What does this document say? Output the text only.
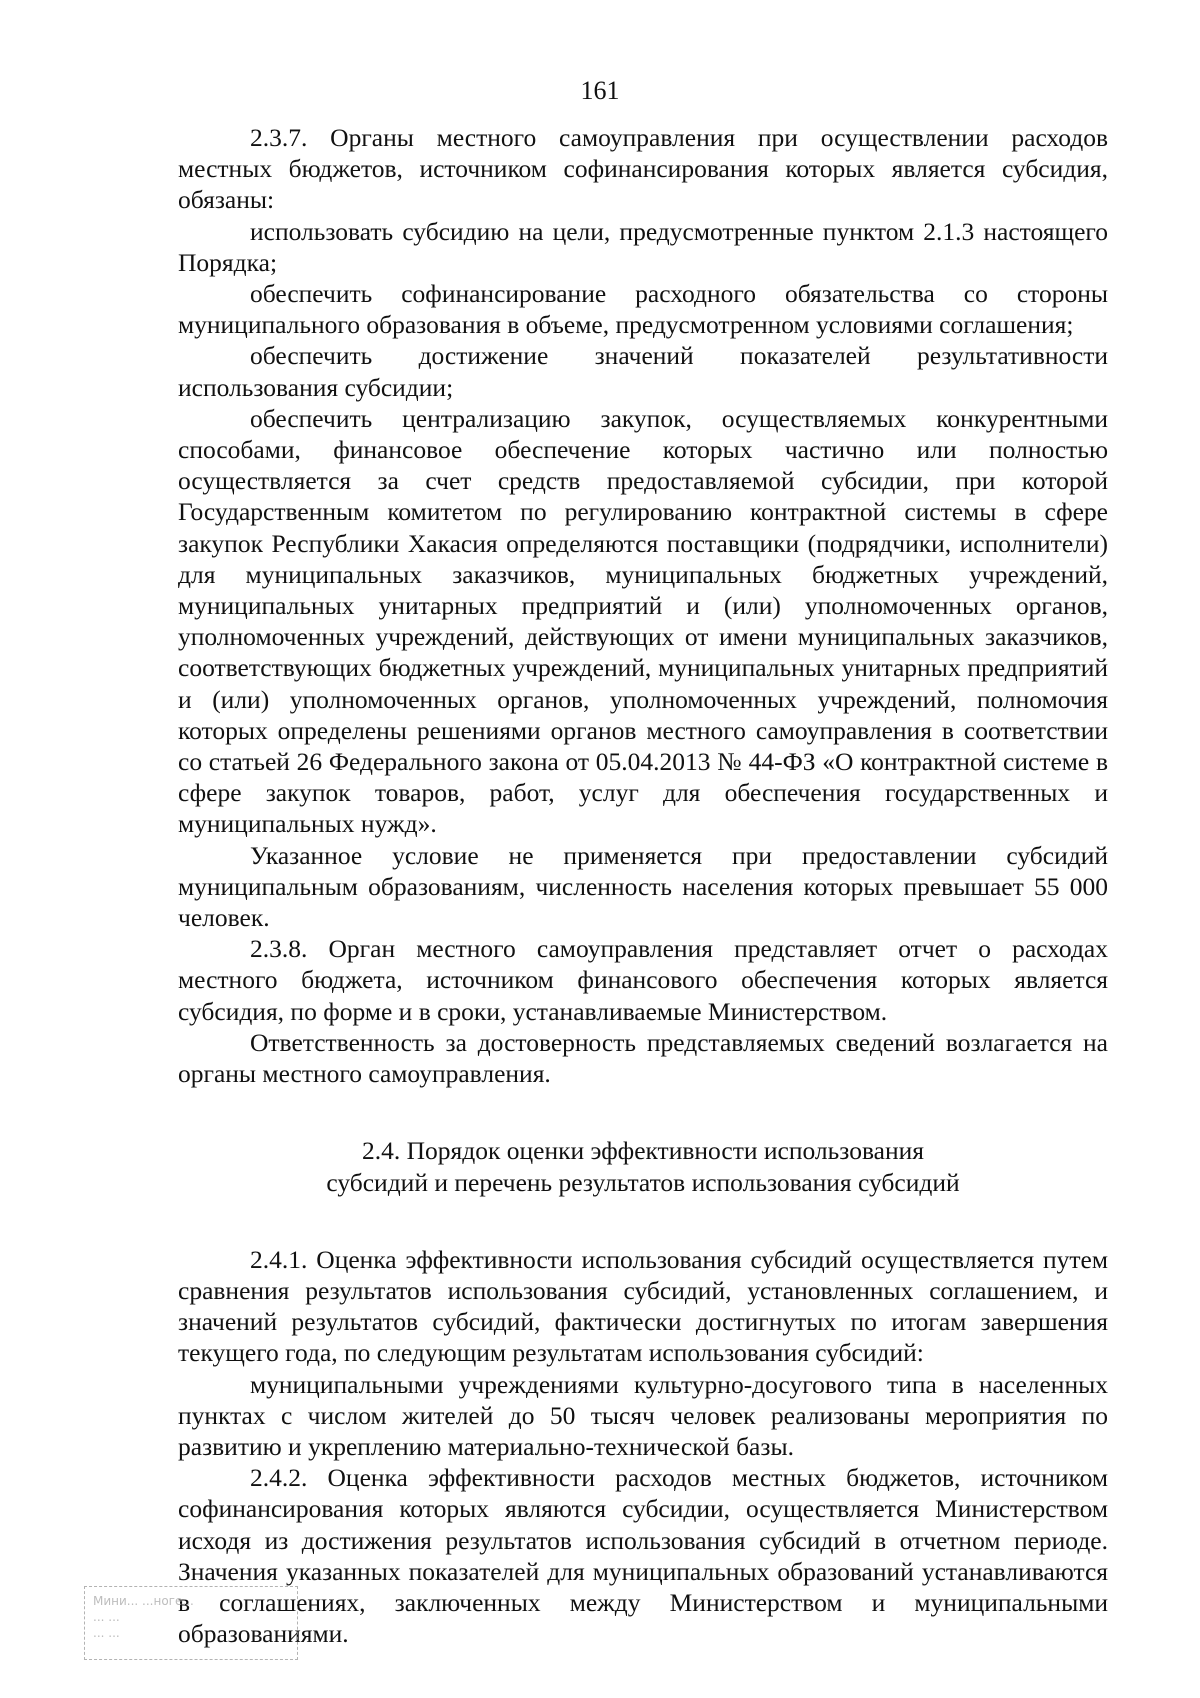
161

2.3.7. Органы местного самоуправления при осуществлении расходов местных бюджетов, источником софинансирования которых является субсидия, обязаны:

использовать субсидию на цели, предусмотренные пунктом 2.1.3 настоящего Порядка;

обеспечить софинансирование расходного обязательства со стороны муниципального образования в объеме, предусмотренном условиями соглашения;

обеспечить достижение значений показателей результативности использования субсидии;

обеспечить централизацию закупок, осуществляемых конкурентными способами, финансовое обеспечение которых частично или полностью осуществляется за счет средств предоставляемой субсидии, при которой Государственным комитетом по регулированию контрактной системы в сфере закупок Республики Хакасия определяются поставщики (подрядчики, исполнители) для муниципальных заказчиков, муниципальных бюджетных учреждений, муниципальных унитарных предприятий и (или) уполномоченных органов, уполномоченных учреждений, действующих от имени муниципальных заказчиков, соответствующих бюджетных учреждений, муниципальных унитарных предприятий и (или) уполномоченных органов, уполномоченных учреждений, полномочия которых определены решениями органов местного самоуправления в соответствии со статьей 26 Федерального закона от 05.04.2013 № 44-ФЗ «О контрактной системе в сфере закупок товаров, работ, услуг для обеспечения государственных и муниципальных нужд».

Указанное условие не применяется при предоставлении субсидий муниципальным образованиям, численность населения которых превышает 55 000 человек.

2.3.8. Орган местного самоуправления представляет отчет о расходах местного бюджета, источником финансового обеспечения которых является субсидия, по форме и в сроки, устанавливаемые Министерством.

Ответственность за достоверность представляемых сведений возлагается на органы местного самоуправления.

2.4. Порядок оценки эффективности использования
субсидий и перечень результатов использования субсидий

2.4.1. Оценка эффективности использования субсидий осуществляется путем сравнения результатов использования субсидий, установленных соглашением, и значений результатов субсидий, фактически достигнутых по итогам завершения текущего года, по следующим результатам использования субсидий:

муниципальными учреждениями культурно-досугового типа в населенных пунктах с числом жителей до 50 тысяч человек реализованы мероприятия по развитию и укреплению материально-технической базы.

2.4.2. Оценка эффективности расходов местных бюджетов, источником софинансирования которых являются субсидии, осуществляется Министерством исходя из достижения результатов использования субсидий в отчетном периоде. Значения указанных показателей для муниципальных образований устанавливаются в соглашениях, заключенных между Министерством и муниципальными образованиями.

Мини... ...ноге...
... ...
... ...
